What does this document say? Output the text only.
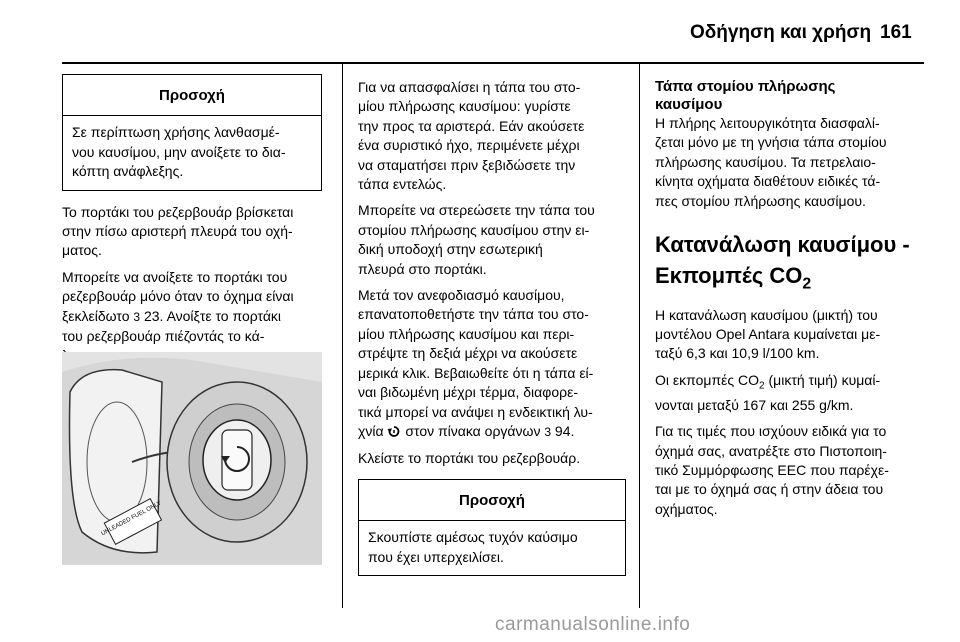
Οδήγηση και χρήση 161
Προσοχή
Σε περίπτωση χρήσης λανθασμέ-
νου καυσίμου, μην ανοίξετε το δια-
κόπτη ανάφλεξης.

Το πορτάκι του ρεζερβουάρ βρίσκεται
στην πίσω αριστερή πλευρά του οχή-
ματος.

Μπορείτε να ανοίξετε το πορτάκι του
ρεζερβουάρ μόνο όταν το όχημα είναι
ξεκλείδωτο 3 23. Ανοίξτε το πορτάκι
του ρεζερβουάρ πιέζοντάς το κά-

UNLEADED FUEL ONLY

Για να απασφαλίσει η τάπα του στο-
μίου πλήρωσης καυσίμου: γυρίστε
την προς τα αριστερά. Εάν ακούσετε
ένα συριστικό ήχο, περιμένετε μέχρι
να σταματήσει πριν ξεβιδώσετε την
τάπα εντελώς.

Μπορείτε να στερεώσετε την τάπα του
στομίου πλήρωσης καυσίμου στην ει-
δική υποδοχή στην εσωτερική
πλευρά στο πορτάκι.

Μετά τον ανεφοδιασμό καυσίμου,
επανατοποθετήστε την τάπα του στο-
μίου πλήρωσης καυσίμου και περι-
στρέψτε τη δεξιά μέχρι να ακούσετε
μερικά κλικ. Βεβαιωθείτε ότι η τάπα εί-
ναι βιδωμένη μέχρι τέρμα, διαφορε-
τικά μπορεί να ανάψει η ενδεικτική λυ-
χνία  στον πίνακα οργάνων 3 94.

Κλείστε το πορτάκι του ρεζερβουάρ.

Προσοχή
Σκουπίστε αμέσως τυχόν καύσιμο
που έχει υπερχειλίσει.
Τάπα στομίου πλήρωσης
καυσίμου

Η πλήρης λειτουργικότητα διασφαλί-
ζεται μόνο με τη γνήσια τάπα στομίου
πλήρωσης καυσίμου. Τα πετρελαιο-
κίνητα οχήματα διαθέτουν ειδικές τά-
πες στομίου πλήρωσης καυσίμου.

Κατανάλωση καυσίμου -
Εκπομπές $CO_2$

Η κατανάλωση καυσίμου (μικτή) του
μοντέλου Opel Antara κυμαίνεται με-
ταξύ 6,3 και 10,9 l/100 km.

Οι εκπομπές $CO_2$ (μικτή τιμή) κυμαί-
νονται μεταξύ 167 και 255 g/km.

Για τις τιμές που ισχύουν ειδικά για το
όχημά σας, ανατρέξτε στο Πιστοποιη-
τικό Συμμόρφωσης EEC που παρέχε-
ται με το όχημά σας ή στην άδεια του
οχήματος.

carmanualsonline.info
